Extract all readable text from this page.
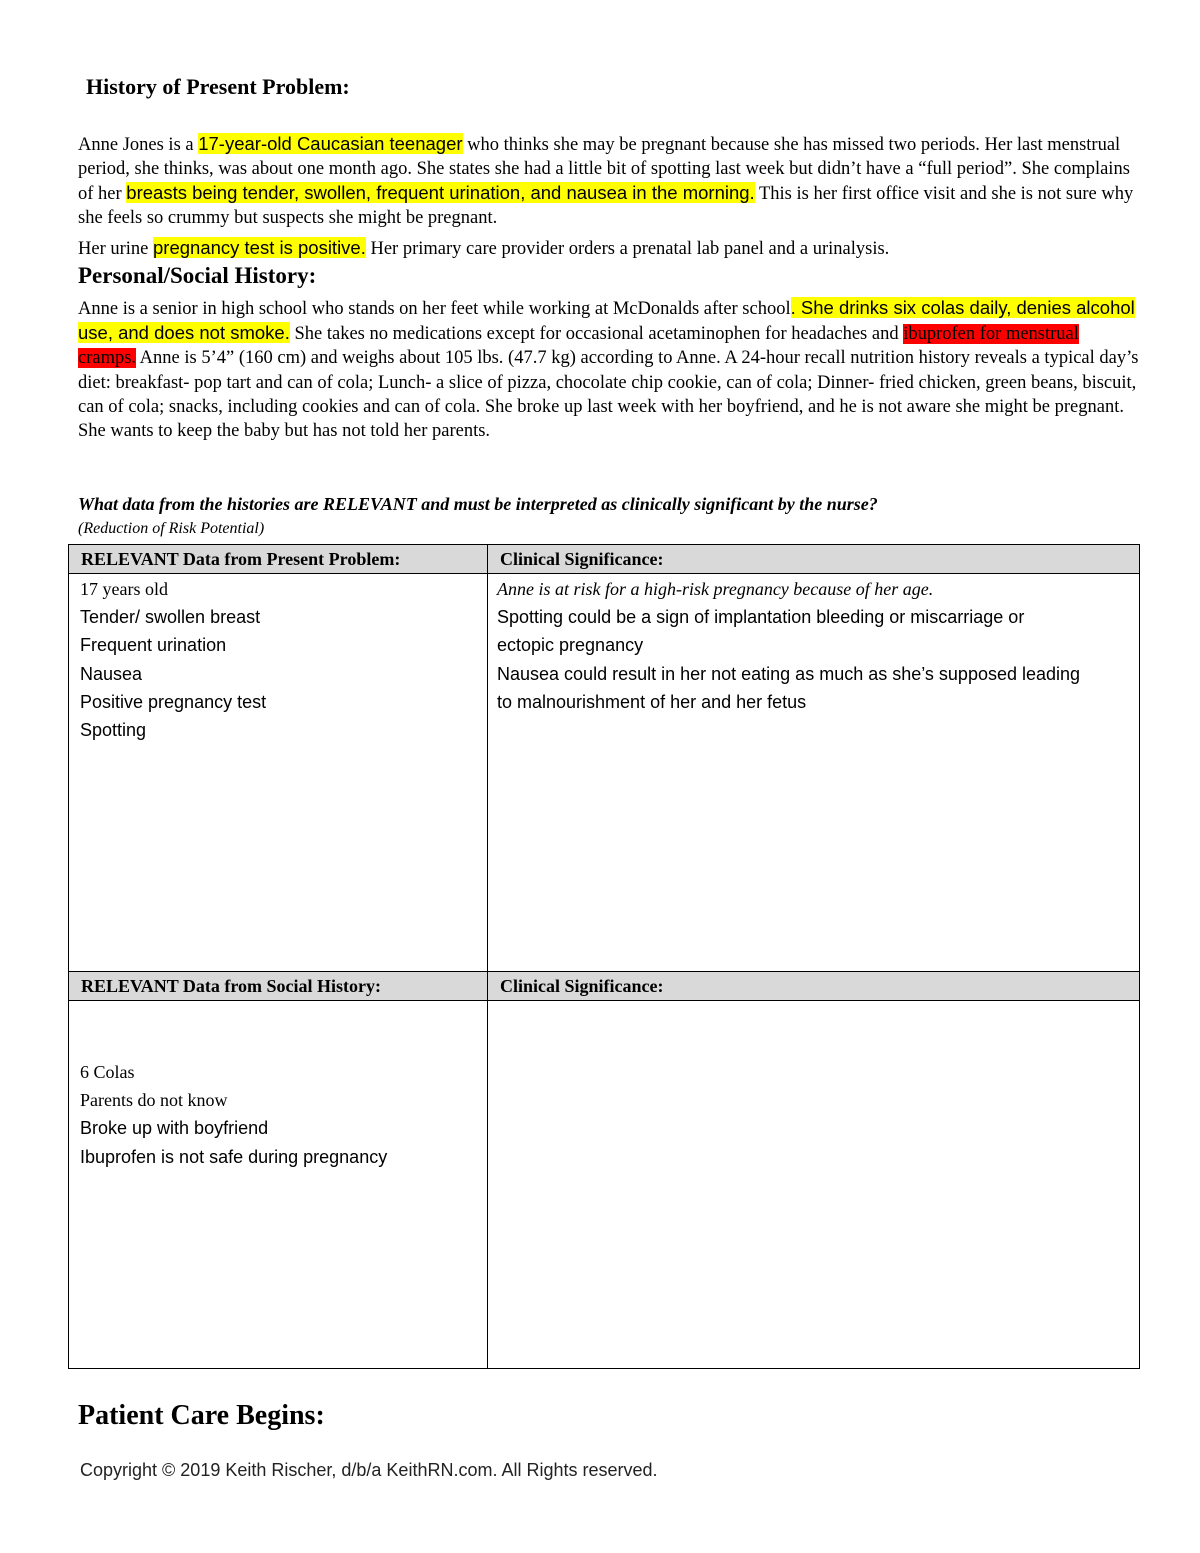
History of Present Problem:
Anne Jones is a 17-year-old Caucasian teenager who thinks she may be pregnant because she has missed two periods. Her last menstrual period, she thinks, was about one month ago. She states she had a little bit of spotting last week but didn’t have a “full period”. She complains of her breasts being tender, swollen, frequent urination, and nausea in the morning. This is her first office visit and she is not sure why she feels so crummy but suspects she might be pregnant.
Her urine pregnancy test is positive. Her primary care provider orders a prenatal lab panel and a urinalysis.
Personal/Social History:
Anne is a senior in high school who stands on her feet while working at McDonalds after school. She drinks six colas daily, denies alcohol use, and does not smoke. She takes no medications except for occasional acetaminophen for headaches and ibuprofen for menstrual cramps. Anne is 5’4” (160 cm) and weighs about 105 lbs. (47.7 kg) according to Anne. A 24-hour recall nutrition history reveals a typical day’s diet: breakfast- pop tart and can of cola; Lunch- a slice of pizza, chocolate chip cookie, can of cola; Dinner- fried chicken, green beans, biscuit, can of cola; snacks, including cookies and can of cola. She broke up last week with her boyfriend, and he is not aware she might be pregnant. She wants to keep the baby but has not told her parents.
What data from the histories are RELEVANT and must be interpreted as clinically significant by the nurse?
(Reduction of Risk Potential)
RELEVANT Data from Present Problem:	Clinical Significance:
17 years old
Tender/ swollen breast
Frequent urination
Nausea
Positive pregnancy test
Spotting
Anne is at risk for a high-risk pregnancy because of her age.
Spotting could be a sign of implantation bleeding or miscarriage or
ectopic pregnancy
Nausea could result in her not eating as much as she’s supposed leading
to malnourishment of her and her fetus
RELEVANT Data from Social History:	Clinical Significance:
6 Colas
Parents do not know
Broke up with boyfriend
Ibuprofen is not safe during pregnancy
Patient Care Begins:
Copyright © 2019 Keith Rischer, d/b/a KeithRN.com. All Rights reserved.
